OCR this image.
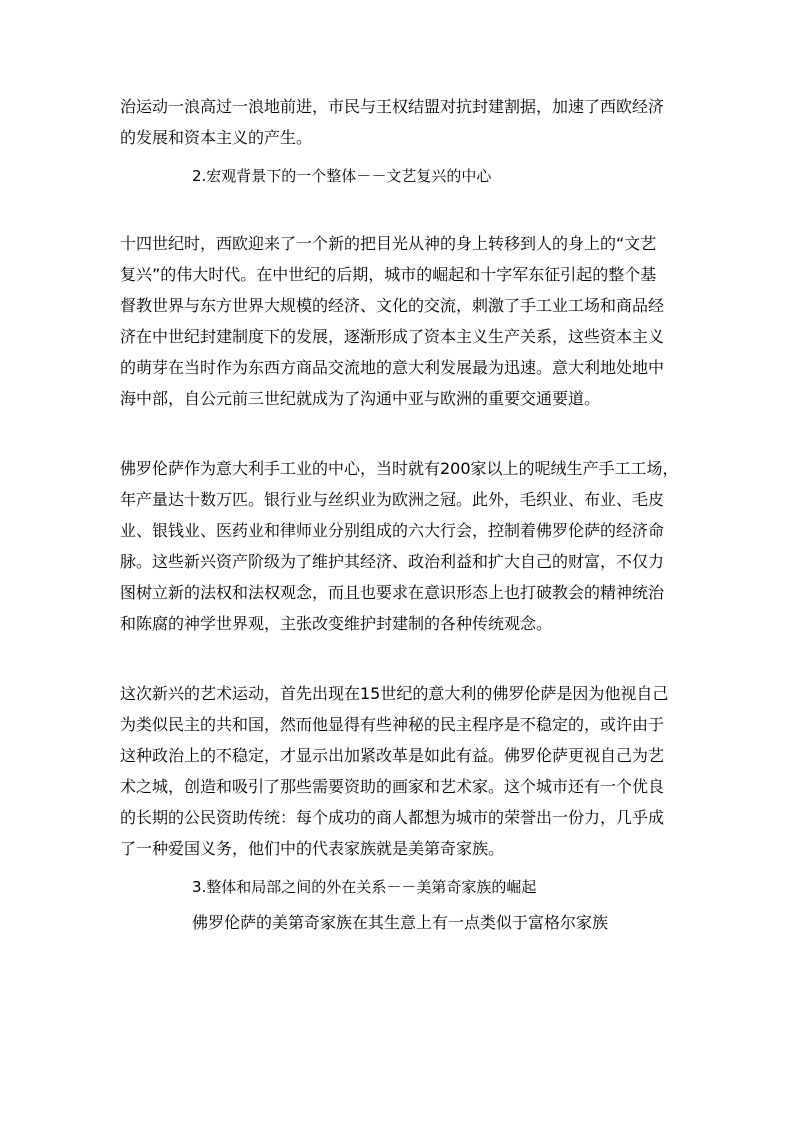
治运动一浪高过一浪地前进，市民与王权结盟对抗封建割据，加速了西欧经济
的发展和资本主义的产生。
2.宏观背景下的一个整体－－文艺复兴的中心
十四世纪时，西欧迎来了一个新的把目光从神的身上转移到人的身上的“文艺
复兴”的伟大时代。在中世纪的后期，城市的崛起和十字军东征引起的整个基
督教世界与东方世界大规模的经济、文化的交流，刺激了手工业工场和商品经
济在中世纪封建制度下的发展，逐渐形成了资本主义生产关系，这些资本主义
的萌芽在当时作为东西方商品交流地的意大利发展最为迅速。意大利地处地中
海中部，自公元前三世纪就成为了沟通中亚与欧洲的重要交通要道。
佛罗伦萨作为意大利手工业的中心，当时就有200家以上的呢绒生产手工工场，
年产量达十数万匹。银行业与丝织业为欧洲之冠。此外，毛织业、布业、毛皮
业、银钱业、医药业和律师业分别组成的六大行会，控制着佛罗伦萨的经济命
脉。这些新兴资产阶级为了维护其经济、政治利益和扩大自己的财富，不仅力
图树立新的法权和法权观念，而且也要求在意识形态上也打破教会的精神统治
和陈腐的神学世界观，主张改变维护封建制的各种传统观念。
这次新兴的艺术运动，首先出现在15世纪的意大利的佛罗伦萨是因为他视自己
为类似民主的共和国，然而他显得有些神秘的民主程序是不稳定的，或许由于
这种政治上的不稳定，才显示出加紧改革是如此有益。佛罗伦萨更视自己为艺
术之城，创造和吸引了那些需要资助的画家和艺术家。这个城市还有一个优良
的长期的公民资助传统：每个成功的商人都想为城市的荣誉出一份力，几乎成
了一种爱国义务，他们中的代表家族就是美第奇家族。
3.整体和局部之间的外在关系－－美第奇家族的崛起
佛罗伦萨的美第奇家族在其生意上有一点类似于富格尔家族
